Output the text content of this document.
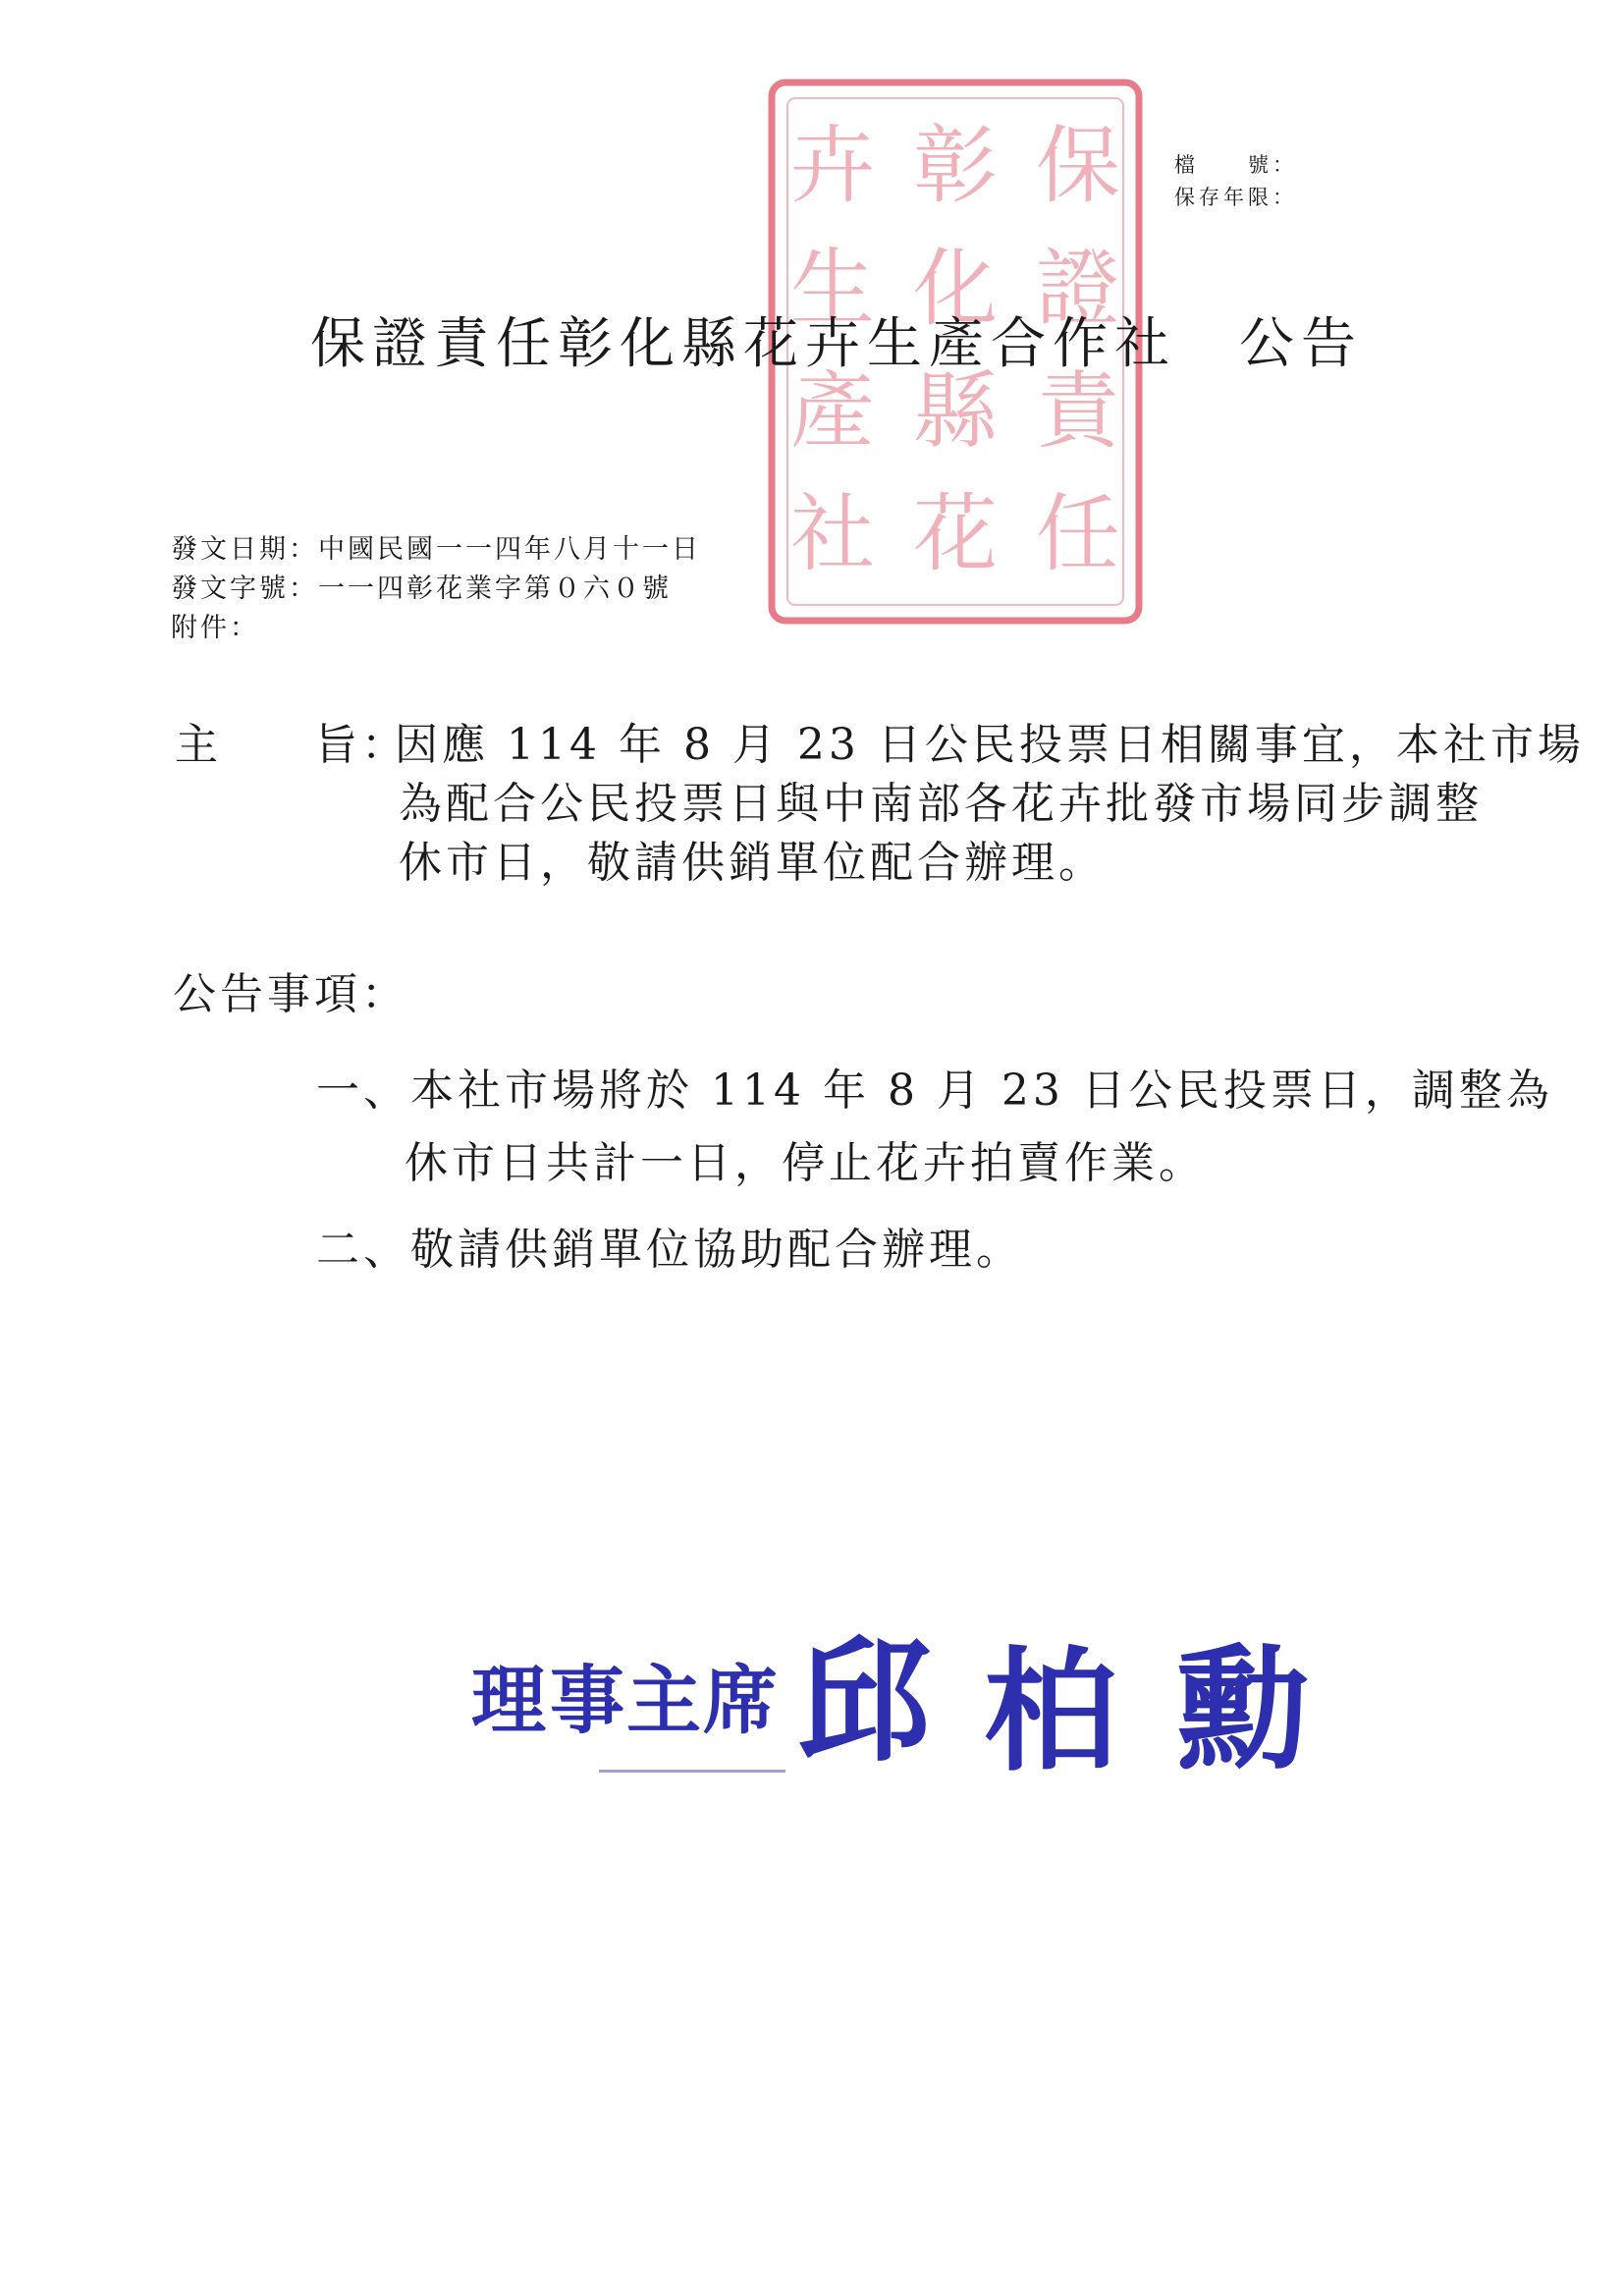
檔　　號：
保存年限：
保
證
責
任
彰
化
縣
花
卉
生
產
社
保證責任彰化縣花卉生產合作社 公告
發文日期：中國民國一一四年八月十一日
發文字號：一一四彰花業字第０六０號
附件：
主 旨：
因應 114 年 8 月 23 日公民投票日相關事宜，本社市場
為配合公民投票日與中南部各花卉批發市場同步調整
休市日，敬請供銷單位配合辦理。
公告事項：
一、本社市場將於 114 年 8 月 23 日公民投票日，調整為
休市日共計一日，停止花卉拍賣作業。
二、敬請供銷單位協助配合辦理。
理 事 主 席 邱 柏 勳
